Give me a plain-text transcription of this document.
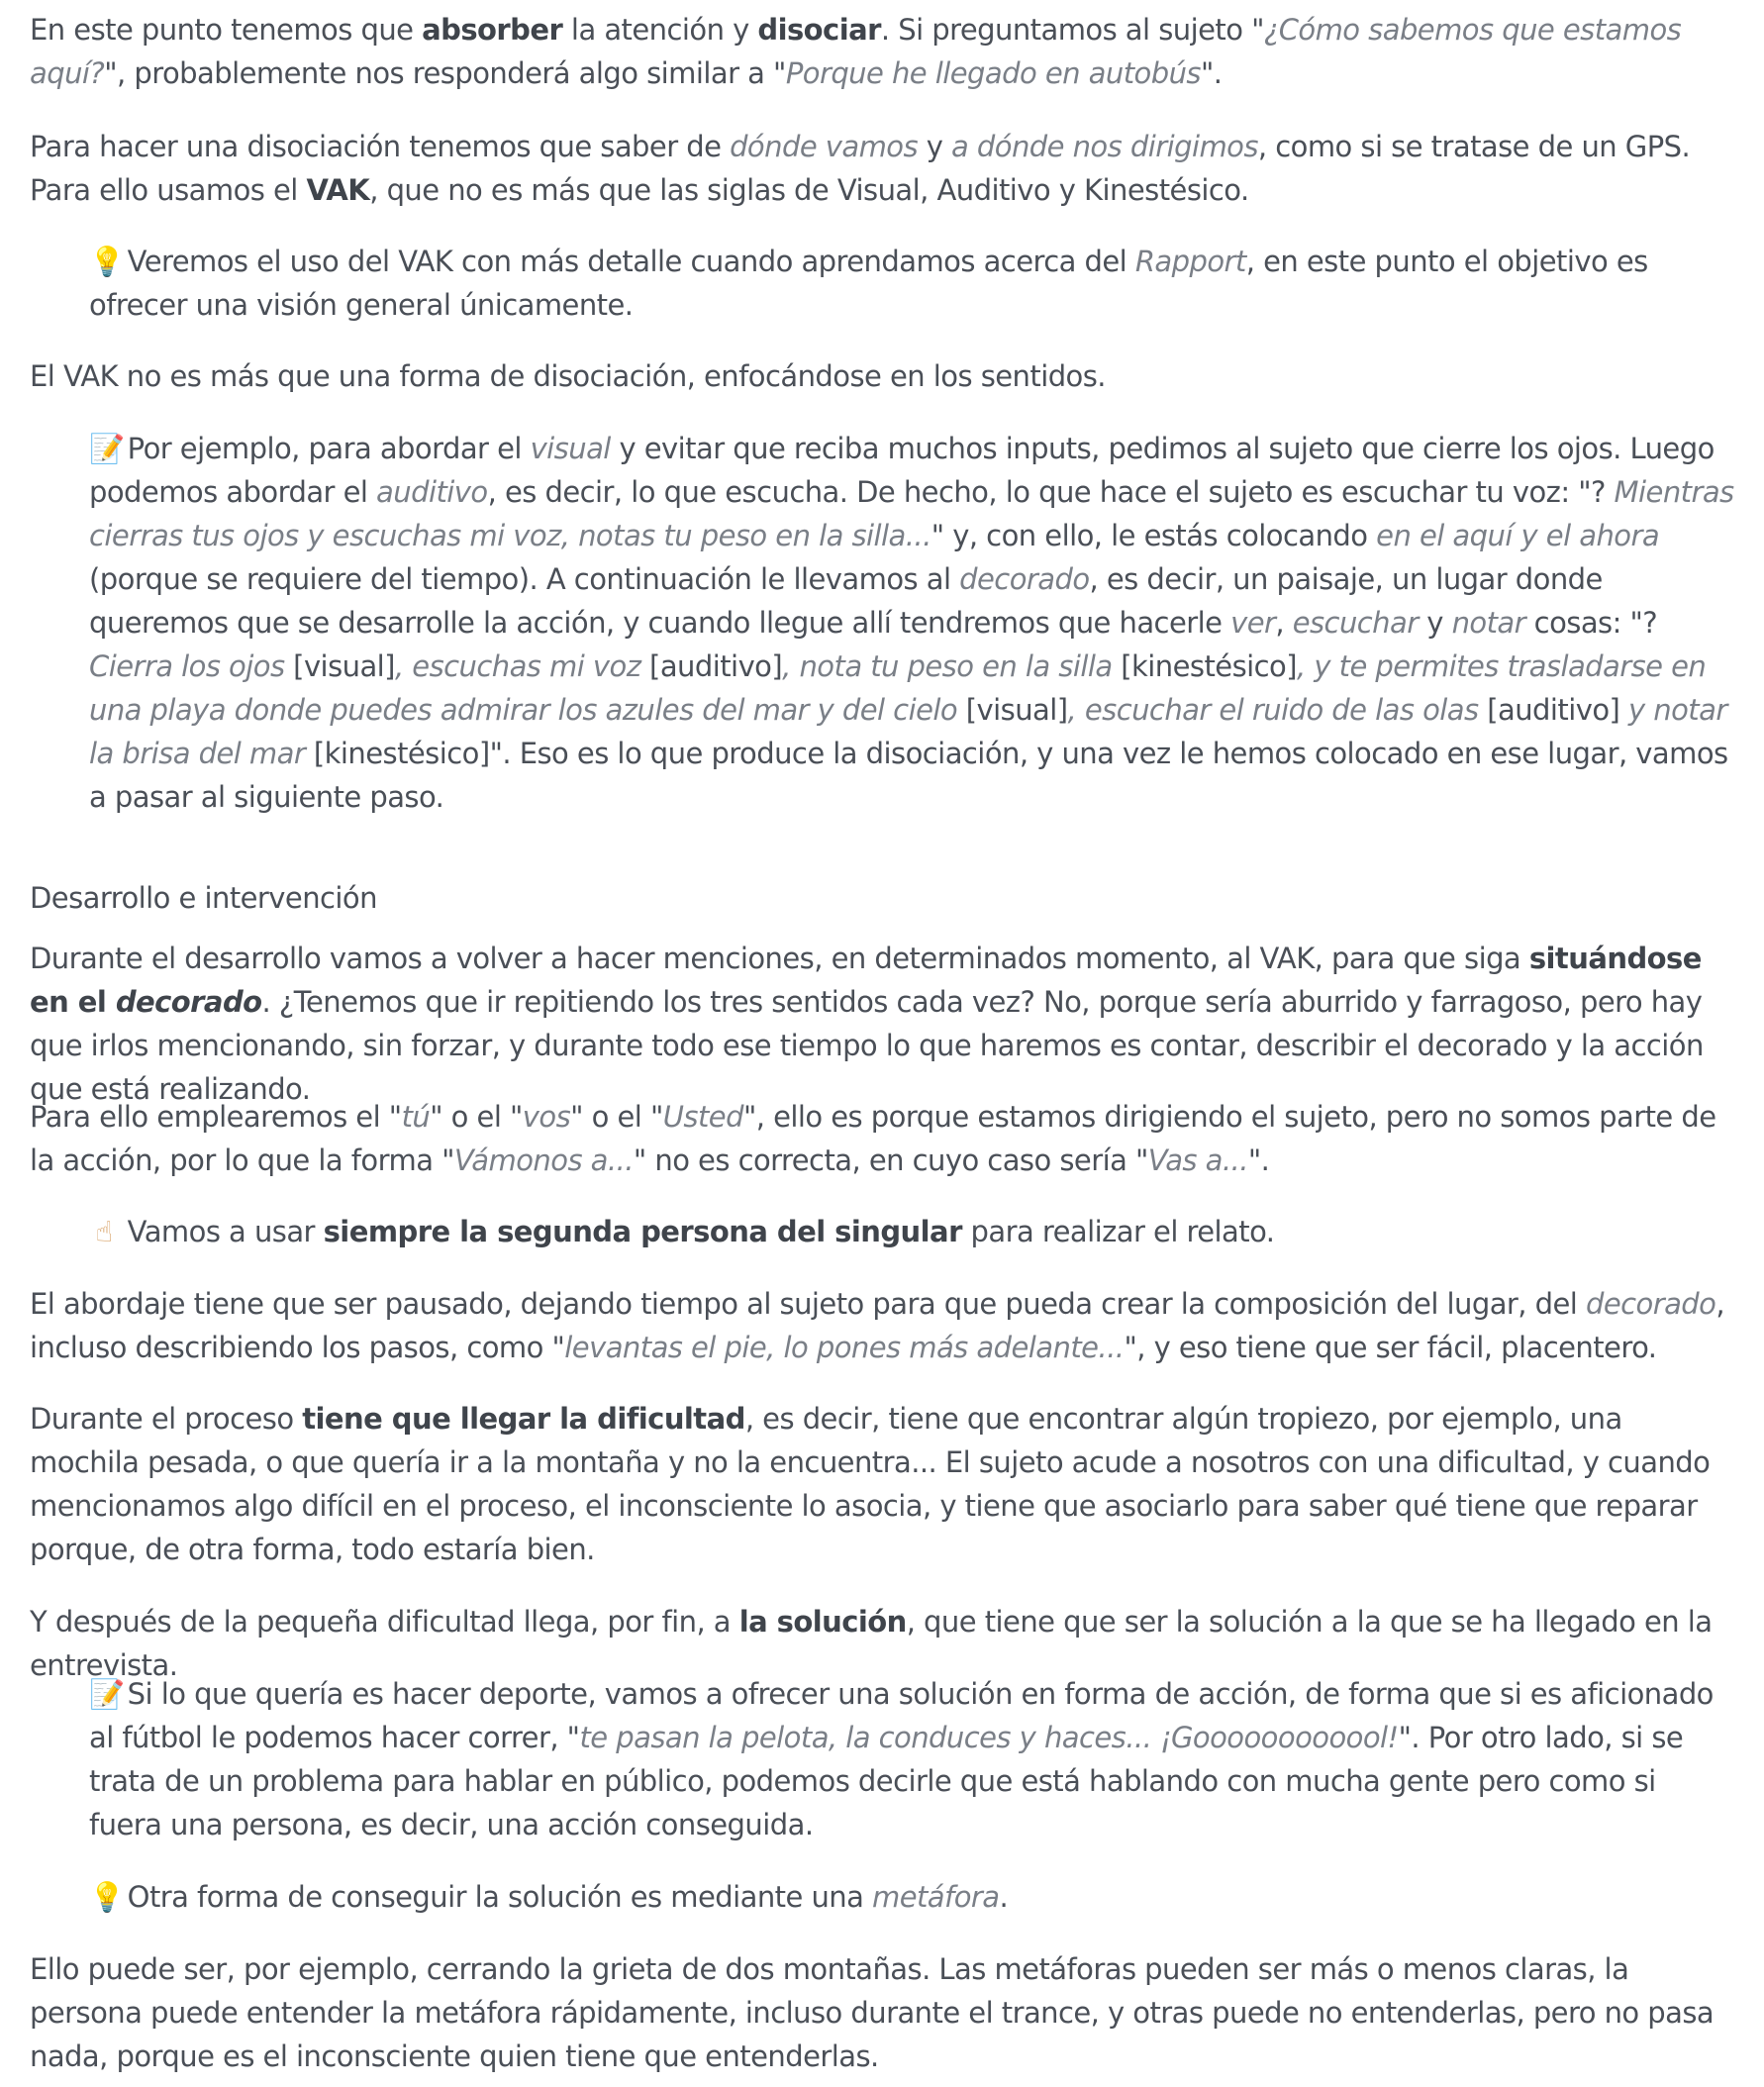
En este punto tenemos que absorber la atención y disociar. Si preguntamos al sujeto "¿Cómo sabemos que estamos aquí?", probablemente nos responderá algo similar a "Porque he llegado en autobús".
Para hacer una disociación tenemos que saber de dónde vamos y a dónde nos dirigimos, como si se tratase de un GPS. Para ello usamos el VAK, que no es más que las siglas de Visual, Auditivo y Kinestésico.
💡 Veremos el uso del VAK con más detalle cuando aprendamos acerca del Rapport, en este punto el objetivo es ofrecer una visión general únicamente.
El VAK no es más que una forma de disociación, enfocándose en los sentidos.
📝 Por ejemplo, para abordar el visual y evitar que reciba muchos inputs, pedimos al sujeto que cierre los ojos. Luego podemos abordar el auditivo, es decir, lo que escucha. De hecho, lo que hace el sujeto es escuchar tu voz: "? Mientras cierras tus ojos y escuchas mi voz, notas tu peso en la silla..." y, con ello, le estás colocando en el aquí y el ahora (porque se requiere del tiempo). A continuación le llevamos al decorado, es decir, un paisaje, un lugar donde queremos que se desarrolle la acción, y cuando llegue allí tendremos que hacerle ver, escuchar y notar cosas: "? Cierra los ojos [visual], escuchas mi voz [auditivo], nota tu peso en la silla [kinestésico], y te permites trasladarse en una playa donde puedes admirar los azules del mar y del cielo [visual], escuchar el ruido de las olas [auditivo] y notar la brisa del mar [kinestésico]". Eso es lo que produce la disociación, y una vez le hemos colocado en ese lugar, vamos a pasar al siguiente paso.
Desarrollo e intervención
Durante el desarrollo vamos a volver a hacer menciones, en determinados momento, al VAK, para que siga situándose en el decorado. ¿Tenemos que ir repitiendo los tres sentidos cada vez? No, porque sería aburrido y farragoso, pero hay que irlos mencionando, sin forzar, y durante todo ese tiempo lo que haremos es contar, describir el decorado y la acción que está realizando.
Para ello emplearemos el "tú" o el "vos" o el "Usted", ello es porque estamos dirigiendo el sujeto, pero no somos parte de la acción, por lo que la forma "Vámonos a..." no es correcta, en cuyo caso sería "Vas a...".
☝ Vamos a usar siempre la segunda persona del singular para realizar el relato.
El abordaje tiene que ser pausado, dejando tiempo al sujeto para que pueda crear la composición del lugar, del decorado, incluso describiendo los pasos, como "levantas el pie, lo pones más adelante...", y eso tiene que ser fácil, placentero.
Durante el proceso tiene que llegar la dificultad, es decir, tiene que encontrar algún tropiezo, por ejemplo, una mochila pesada, o que quería ir a la montaña y no la encuentra... El sujeto acude a nosotros con una dificultad, y cuando mencionamos algo difícil en el proceso, el inconsciente lo asocia, y tiene que asociarlo para saber qué tiene que reparar porque, de otra forma, todo estaría bien.
Y después de la pequeña dificultad llega, por fin, a la solución, que tiene que ser la solución a la que se ha llegado en la entrevista.
📝 Si lo que quería es hacer deporte, vamos a ofrecer una solución en forma de acción, de forma que si es aficionado al fútbol le podemos hacer correr, "te pasan la pelota, la conduces y haces... ¡Goooooooooool!". Por otro lado, si se trata de un problema para hablar en público, podemos decirle que está hablando con mucha gente pero como si fuera una persona, es decir, una acción conseguida.
💡 Otra forma de conseguir la solución es mediante una metáfora.
Ello puede ser, por ejemplo, cerrando la grieta de dos montañas. Las metáforas pueden ser más o menos claras, la persona puede entender la metáfora rápidamente, incluso durante el trance, y otras puede no entenderlas, pero no pasa nada, porque es el inconsciente quien tiene que entenderlas.
